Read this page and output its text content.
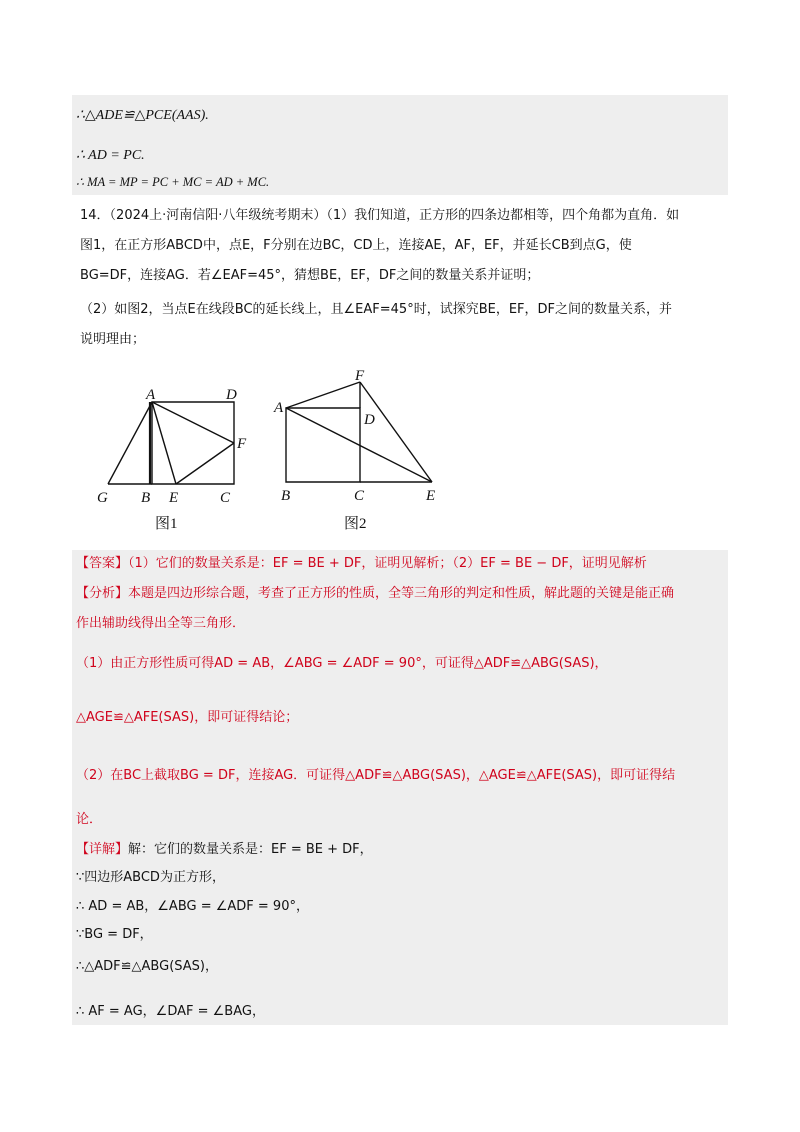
∴△ADE≌△PCE(AAS).
∴ AD = PC.
∴ MA = MP = PC + MC = AD + MC.
14．（2024上·河南信阳·八年级统考期末）（1）我们知道，正方形的四条边都相等，四个角都为直角．如
图1，在正方形ABCD中，点E，F分别在边BC，CD上，连接AE，AF，EF，并延长CB到点G，使
BG=DF，连接AG．若∠EAF=45°，猜想BE，EF，DF之间的数量关系并证明；
（2）如图2，当点E在线段BC的延长线上，且∠EAF=45°时，试探究BE，EF，DF之间的数量关系，并
说明理由；
A	D
F
G B E	C
图1
F
A
D
B	C	E
图2
【答案】（1）它们的数量关系是：EF = BE + DF，证明见解析；（2）EF = BE − DF，证明见解析
【分析】本题是四边形综合题，考查了正方形的性质，全等三角形的判定和性质，解此题的关键是能正确
作出辅助线得出全等三角形．
（1）由正方形性质可得AD = AB，∠ABG = ∠ADF = 90°，可证得△ADF≌△ABG(SAS)，
△AGE≌△AFE(SAS)，即可证得结论；
（2）在BC上截取BG = DF，连接AG．可证得△ADF≌△ABG(SAS)，△AGE≌△AFE(SAS)，即可证得结
论．
【详解】解：它们的数量关系是：EF = BE + DF，
∵四边形ABCD为正方形，
∴ AD = AB，∠ABG = ∠ADF = 90°，
∵BG = DF，
∴△ADF≌△ABG(SAS)，
∴ AF = AG，∠DAF = ∠BAG，
